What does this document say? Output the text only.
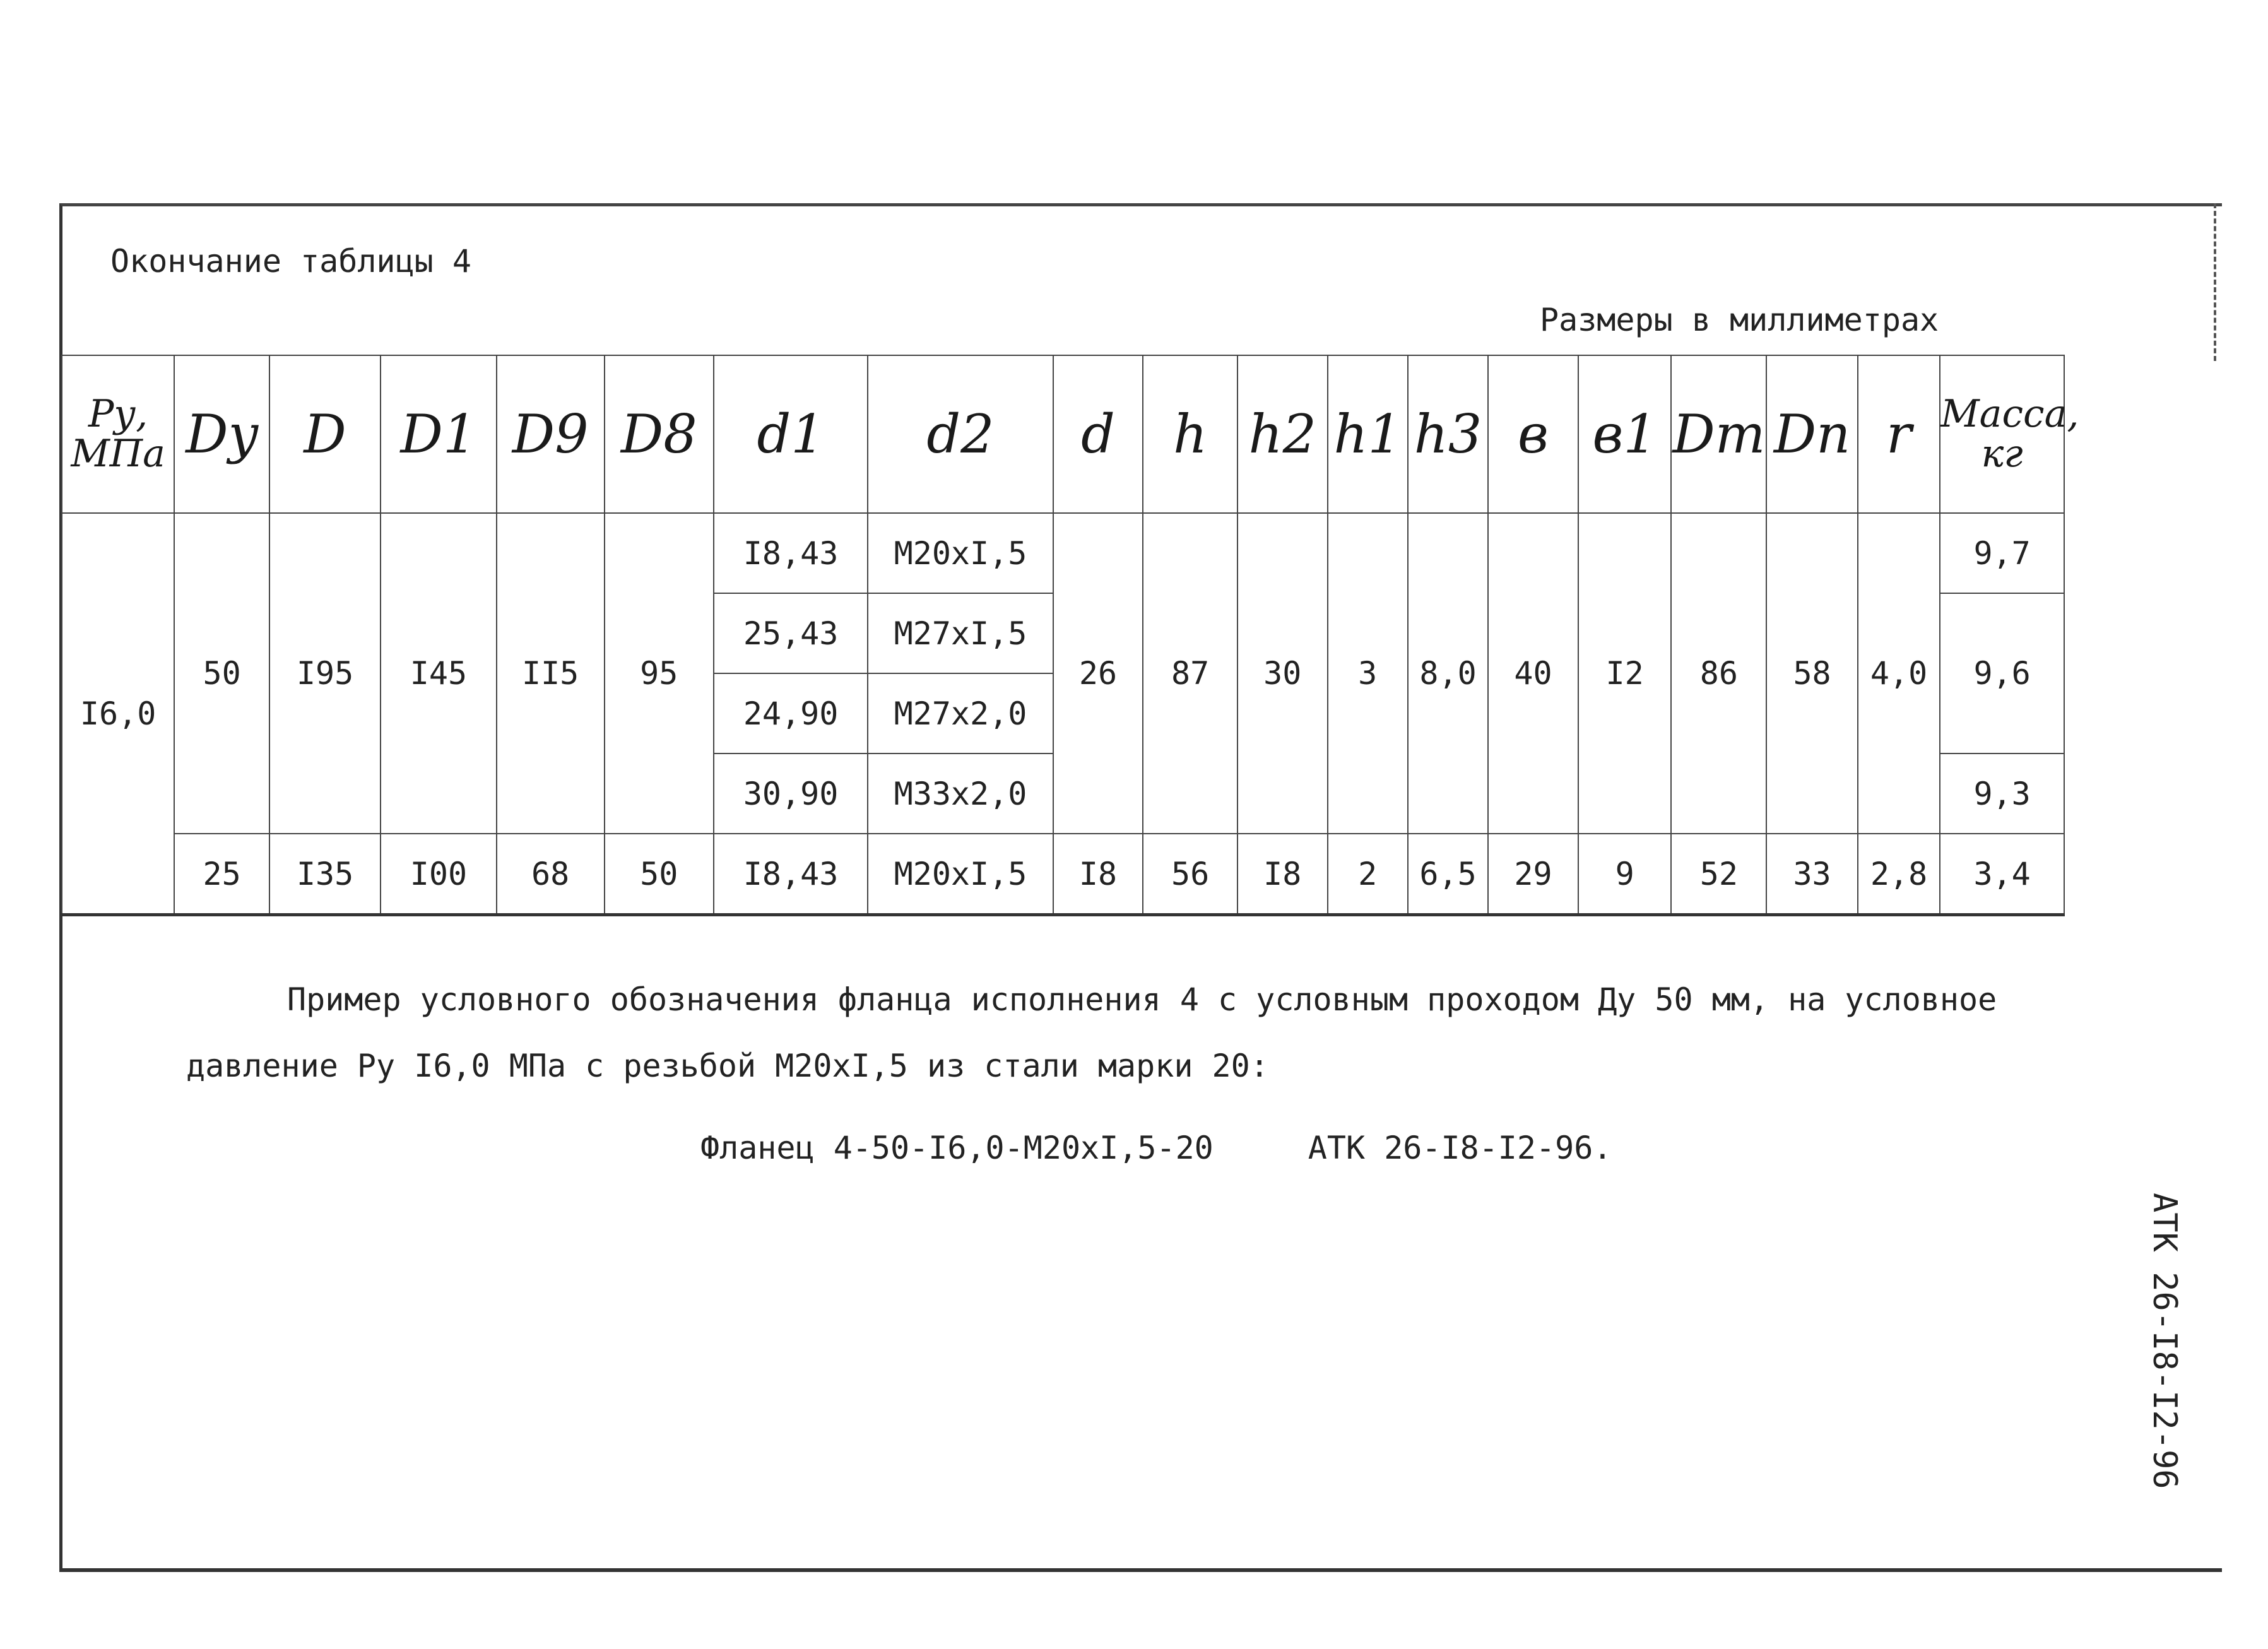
Окончание таблицы 4
Размеры в миллиметрах
Ру, МПа	Dy	D	D1	D9	D8	d1	d2	d	h	h2	h1	h3	в	в1	Dm	Dn	r	Масса, кг
I6,0	50	I95	I45	II5	95	I8,43	M20xI,5	26	87	30	3	8,0	40	I2	86	58	4,0	9,7
						25,43	M27xI,5											9,6
						24,90	M27x2,0											
						30,90	M33x2,0											9,3
	25	I35	I00	68	50	I8,43	M20xI,5	I8	56	I8	2	6,5	29	9	52	33	2,8	3,4
Пример условного обозначения фланца исполнения 4 с условным проходом Ду 50 мм, на условное
давление Ру I6,0 МПа с резьбой M20xI,5 из стали марки 20:
Фланец 4-50-I6,0-M20xI,5-20	АТК 26-I8-I2-96.
АТК 26-I8-I2-96
